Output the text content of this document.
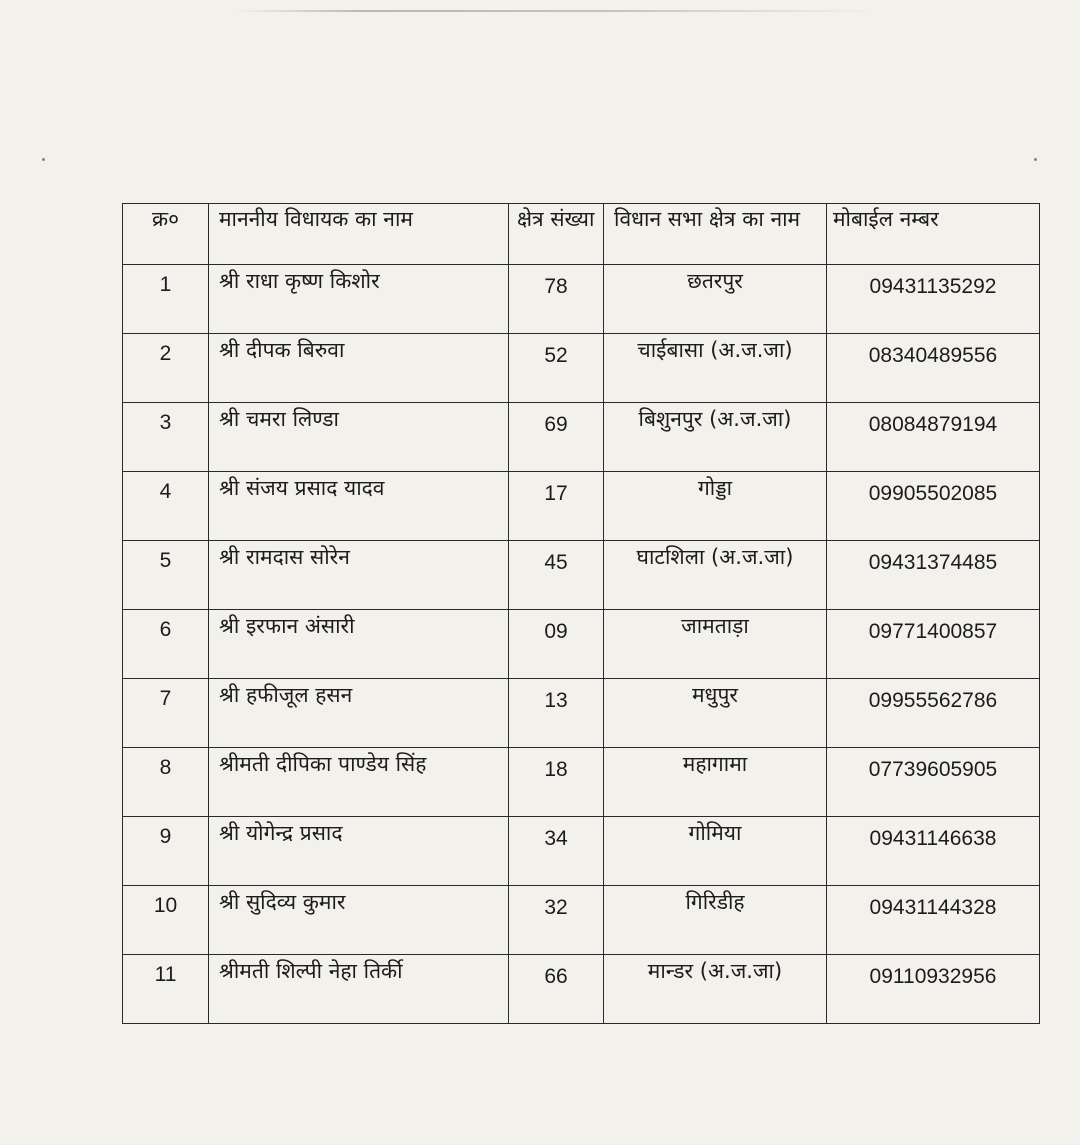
क्र०	माननीय विधायक का नाम	क्षेत्र संख्या	विधान सभा क्षेत्र का नाम	मोबाईल नम्बर
1	श्री राधा कृष्ण किशोर	78	छतरपुर	09431135292
2	श्री दीपक बिरुवा	52	चाईबासा (अ.ज.जा)	08340489556
3	श्री चमरा लिण्डा	69	बिशुनपुर (अ.ज.जा)	08084879194
4	श्री संजय प्रसाद यादव	17	गोड्डा	09905502085
5	श्री रामदास सोरेन	45	घाटशिला (अ.ज.जा)	09431374485
6	श्री इरफान अंसारी	09	जामताड़ा	09771400857
7	श्री हफीजूल हसन	13	मधुपुर	09955562786
8	श्रीमती दीपिका पाण्डेय सिंह	18	महागामा	07739605905
9	श्री योगेन्द्र प्रसाद	34	गोमिया	09431146638
10	श्री सुदिव्य कुमार	32	गिरिडीह	09431144328
11	श्रीमती शिल्पी नेहा तिर्की	66	मान्डर (अ.ज.जा)	09110932956
